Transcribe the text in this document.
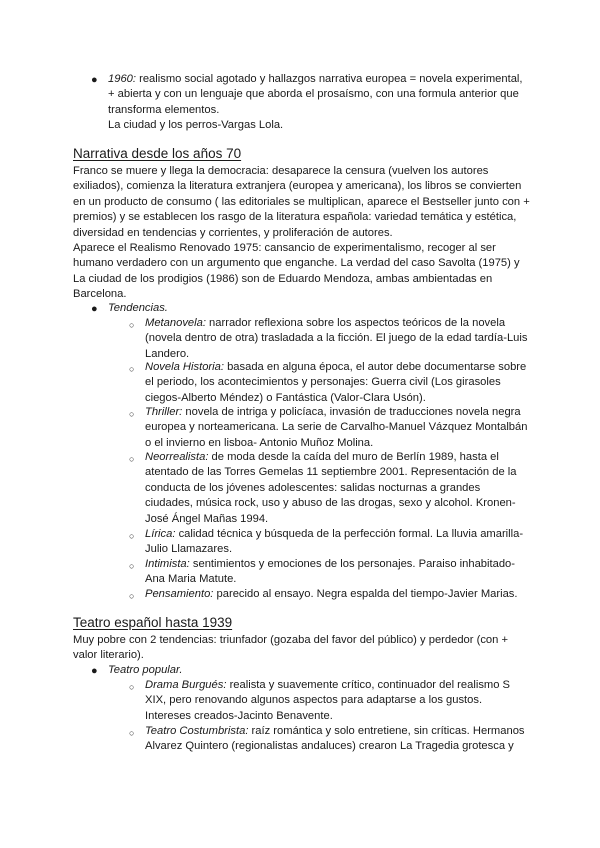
● 1960: realismo social agotado y hallazgos narrativa europea = novela experimental, + abierta y con un lenguaje que aborda el prosaísmo, con una formula anterior que transforma elementos.
La ciudad y los perros-Vargas Lola.
Narrativa desde los años 70
Franco se muere y llega la democracia: desaparece la censura (vuelven los autores exiliados), comienza la literatura extranjera (europea y americana), los libros se convierten en un producto de consumo ( las editoriales se multiplican, aparece el Bestseller junto con + premios) y se establecen los rasgo de la literatura española: variedad temática y estética, diversidad en tendencias y corrientes, y proliferación de autores.
Aparece el Realismo Renovado 1975: cansancio de experimentalismo, recoger al ser humano verdadero con un argumento que enganche. La verdad del caso Savolta (1975) y La ciudad de los prodigios (1986) son de Eduardo Mendoza, ambas ambientadas en Barcelona.
● Tendencias.
○ Metanovela: narrador reflexiona sobre los aspectos teóricos de la novela (novela dentro de otra) trasladada a la ficción. El juego de la edad tardía-Luis Landero.
○ Novela Historia: basada en alguna época, el autor debe documentarse sobre el periodo, los acontecimientos y personajes: Guerra civil (Los girasoles ciegos-Alberto Méndez) o Fantástica (Valor-Clara Usón).
○ Thriller: novela de intriga y policíaca, invasión de traducciones novela negra europea y norteamericana. La serie de Carvalho-Manuel Vázquez Montalbán o el invierno en lisboa- Antonio Muñoz Molina.
○ Neorrealista: de moda desde la caída del muro de Berlín 1989, hasta el atentado de las Torres Gemelas 11 septiembre 2001. Representación de la conducta de los jóvenes adolescentes: salidas nocturnas a grandes ciudades, música rock, uso y abuso de las drogas, sexo y alcohol. Kronen-José Ángel Mañas 1994.
○ Lírica: calidad técnica y búsqueda de la perfección formal. La lluvia amarilla-Julio Llamazares.
○ Intimista: sentimientos y emociones de los personajes. Paraiso inhabitado-Ana Maria Matute.
○ Pensamiento: parecido al ensayo. Negra espalda del tiempo-Javier Marias.
Teatro español hasta 1939
Muy pobre con 2 tendencias: triunfador (gozaba del favor del público) y perdedor (con + valor literario).
● Teatro popular.
○ Drama Burgués: realista y suavemente crítico, continuador del realismo S XIX, pero renovando algunos aspectos para adaptarse a los gustos. Intereses creados-Jacinto Benavente.
○ Teatro Costumbrista: raíz romántica y solo entretiene, sin críticas. Hermanos Alvarez Quintero (regionalistas andaluces) crearon La Tragedia grotesca y
